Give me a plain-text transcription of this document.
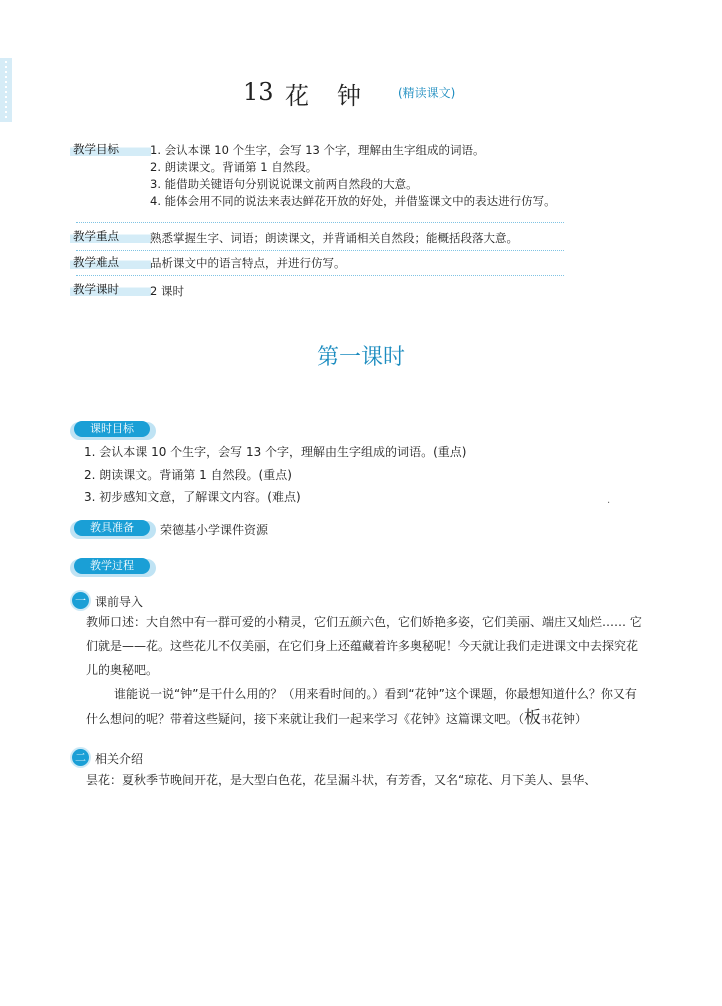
13 花钟 (精读课文)
教学目标	1. 会认本课 10 个生字，会写 13 个字，理解由生字组成的词语。
2. 朗读课文。背诵第 1 自然段。
3. 能借助关键语句分别说说课文前两自然段的大意。
4. 能体会用不同的说法来表达鲜花开放的好处，并借鉴课文中的表达进行仿写。
教学重点	熟悉掌握生字、词语；朗读课文，并背诵相关自然段；能概括段落大意。
教学难点	品析课文中的语言特点，并进行仿写。
教学课时	2 课时
第一课时
课时目标
1. 会认本课 10 个生字，会写 13 个字，理解由生字组成的词语。(重点)
2. 朗读课文。背诵第 1 自然段。(重点)
3. 初步感知文意，了解课文内容。(难点)	.
教具准备	荣德基小学课件资源
教学过程
一 课前导入

教师口述：大自然中有一群可爱的小精灵，它们五颜六色，它们娇艳多姿，它们美丽、端庄又灿烂…… 它们就是——花。这些花儿不仅美丽，在它们身上还蕴藏着许多奥秘呢！今天就让我们走进课文中去探究花儿的奥秘吧。

谁能说一说“钟”是干什么用的？（用来看时间的。）看到“花钟”这个课题，你最想知道什么？你又有什么想问的呢？带着这些疑问，接下来就让我们一起来学习《花钟》这篇课文吧。（板书花钟）

二 相关介绍
昙花：夏秋季节晚间开花，是大型白色花，花呈漏斗状，有芳香，又名“琼花、月下美人、昙华、
